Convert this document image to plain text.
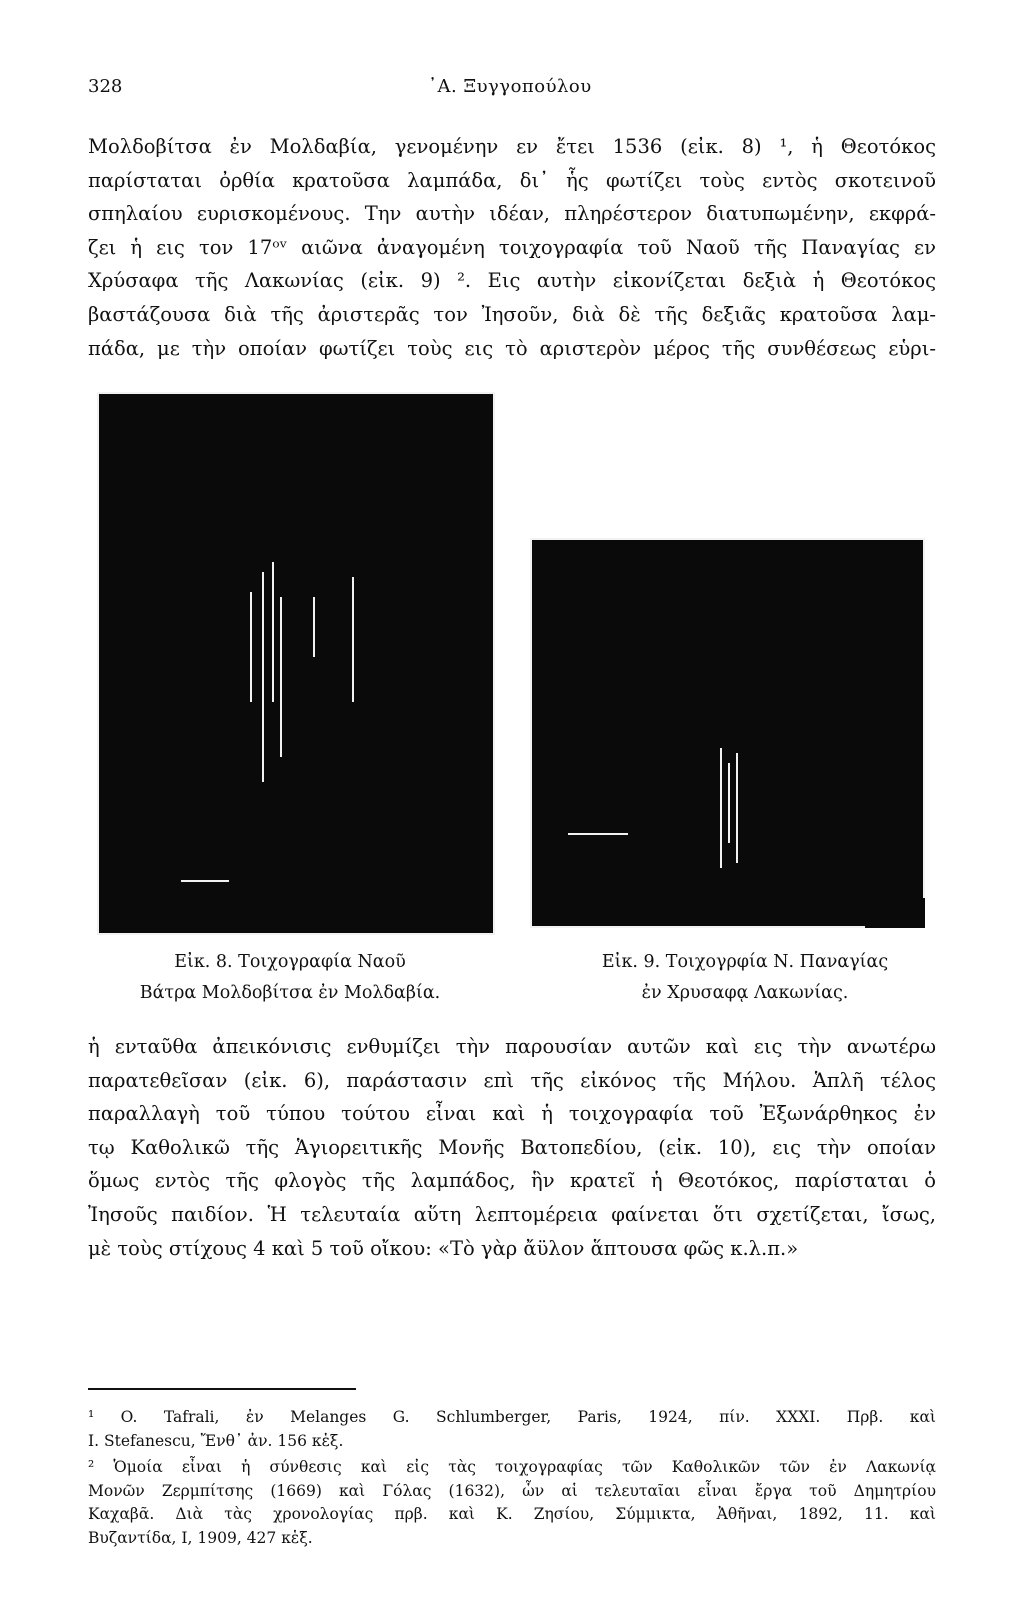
328	᾽Α. Ξυγγοπούλου
Μολδοβίτσα ἐν Μολδαβία, γενομένην εν ἔτει 1536 (εἰκ. 8) ¹, ἡ Θεοτόκος
παρίσταται ὀρθία κρατοῦσα λαμπάδα, δι᾽ ἧς φωτίζει τοὺς εντὸς σκοτεινοῦ
σπηλαίου ευρισκομένους. Την αυτὴν ιδέαν, πληρέστερον διατυπωμένην, εκφρά-
ζει ἡ εις τον 17ᵒᵛ αιῶνα ἀναγομένη τοιχογραφία τοῦ Ναοῦ τῆς Παναγίας εν
Χρύσαφα τῆς Λακωνίας (εἰκ. 9) ². Εις αυτὴν εἰκονίζεται δεξιὰ ἡ Θεοτόκος
βαστάζουσα διὰ τῆς ἀριστερᾶς τον Ἰησοῦν, διὰ δὲ τῆς δεξιᾶς κρατοῦσα λαμ-
πάδα, με τὴν οποίαν φωτίζει τοὺς εις τὸ αριστερὸν μέρος τῆς συνθέσεως εὑρι-
Εἰκ. 8. Τοιχογραφία Ναοῦ
Βάτρα Μολδοβίτσα ἐν Μολδαβία.
Εἰκ. 9. Τοιχογρφία Ν. Παναγίας
ἐν Χρυσαφᾳ Λακωνίας.
ἡ ενταῦθα ἀπεικόνισις ενθυμίζει τὴν παρουσίαν αυτῶν καὶ εις τὴν ανωτέρω
παρατεθεῖσαν (εἰκ. 6), παράστασιν επὶ τῆς εἰκόνος τῆς Μήλου. Ἁπλῆ τέλος
παραλλαγὴ τοῦ τύπου τούτου εἶναι καὶ ἡ τοιχογραφία τοῦ Ἐξωνάρθηκος ἐν
τῳ Καθολικῶ τῆς Ἁγιορειτικῆς Μονῆς Βατοπεδίου, (εἰκ. 10), εις τὴν οποίαν
ὅμως εντὸς τῆς φλογὸς τῆς λαμπάδος, ἣν κρατεῖ ἡ Θεοτόκος, παρίσταται ὁ
Ἰησοῦς παιδίον. Ἡ τελευταία αὕτη λεπτομέρεια φαίνεται ὅτι σχετίζεται, ἴσως,
μὲ τοὺς στίχους 4 καὶ 5 τοῦ οἴκου: «Τὸ γὰρ ἄϋλον ἅπτουσα φῶς κ.λ.π.»
¹ O. Tafrali, ἐν Melanges G. Schlumberger, Paris, 1924, πίν. XXXI. Πρβ. καὶ
I. Stefanescu, Ἔνθ᾽ ἀν. 156 κἑξ.
² Ὁμοία εἶναι ἡ σύνθεσις καὶ εἰς τὰς τοιχογραφίας τῶν Καθολικῶν τῶν ἐν Λακωνίᾳ
Μονῶν Ζερμπίτσης (1669) καὶ Γόλας (1632), ὧν αἱ τελευταῖαι εἶναι ἔργα τοῦ Δημητρίου
Καχαβᾶ. Διὰ τὰς χρονολογίας πρβ. καὶ Κ. Ζησίου, Σύμμικτα, Ἀθῆναι, 1892, 11. καὶ
Βυζαντίδα, I, 1909, 427 κἑξ.
